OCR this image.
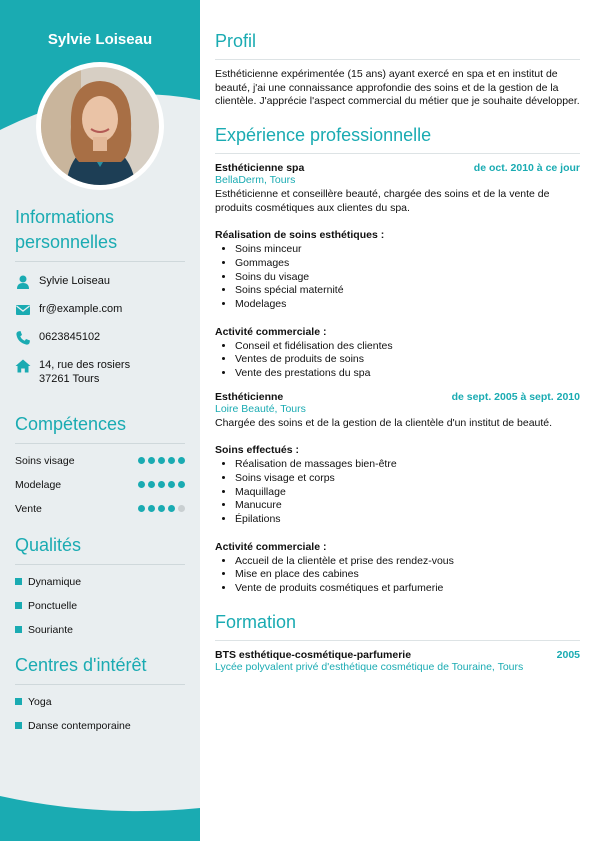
Sylvie Loiseau
Informations personnelles
Sylvie Loiseau
fr@example.com
0623845102
14, rue des rosiers
37261 Tours
Compétences
Soins visage
Modelage
Vente
Qualités
Dynamique
Ponctuelle
Souriante
Centres d'intérêt
Yoga
Danse contemporaine
Profil
Esthéticienne expérimentée (15 ans) ayant exercé en spa et en institut de beauté, j'ai une connaissance approfondie des soins et de la gestion de la clientèle. J'apprécie l'aspect commercial du métier que je souhaite développer.
Expérience professionnelle
Esthéticienne spa	de oct. 2010 à ce jour
BellaDerm, Tours
Esthéticienne et conseillère beauté, chargée des soins et de la vente de produits cosmétiques aux clientes du spa.
Réalisation de soins esthétiques :
• Soins minceur
• Gommages
• Soins du visage
• Soins spécial maternité
• Modelages
Activité commerciale :
• Conseil et fidélisation des clientes
• Ventes de produits de soins
• Vente des prestations du spa
Esthéticienne	de sept. 2005 à sept. 2010
Loire Beauté, Tours
Chargée des soins et de la gestion de la clientèle d'un institut de beauté.
Soins effectués :
• Réalisation de massages bien-être
• Soins visage et corps
• Maquillage
• Manucure
• Épilations
Activité commerciale :
• Accueil de la clientèle et prise des rendez-vous
• Mise en place des cabines
• Vente de produits cosmétiques et parfumerie
Formation
BTS esthétique-cosmétique-parfumerie	2005
Lycée polyvalent privé d'esthétique cosmétique de Touraine, Tours
